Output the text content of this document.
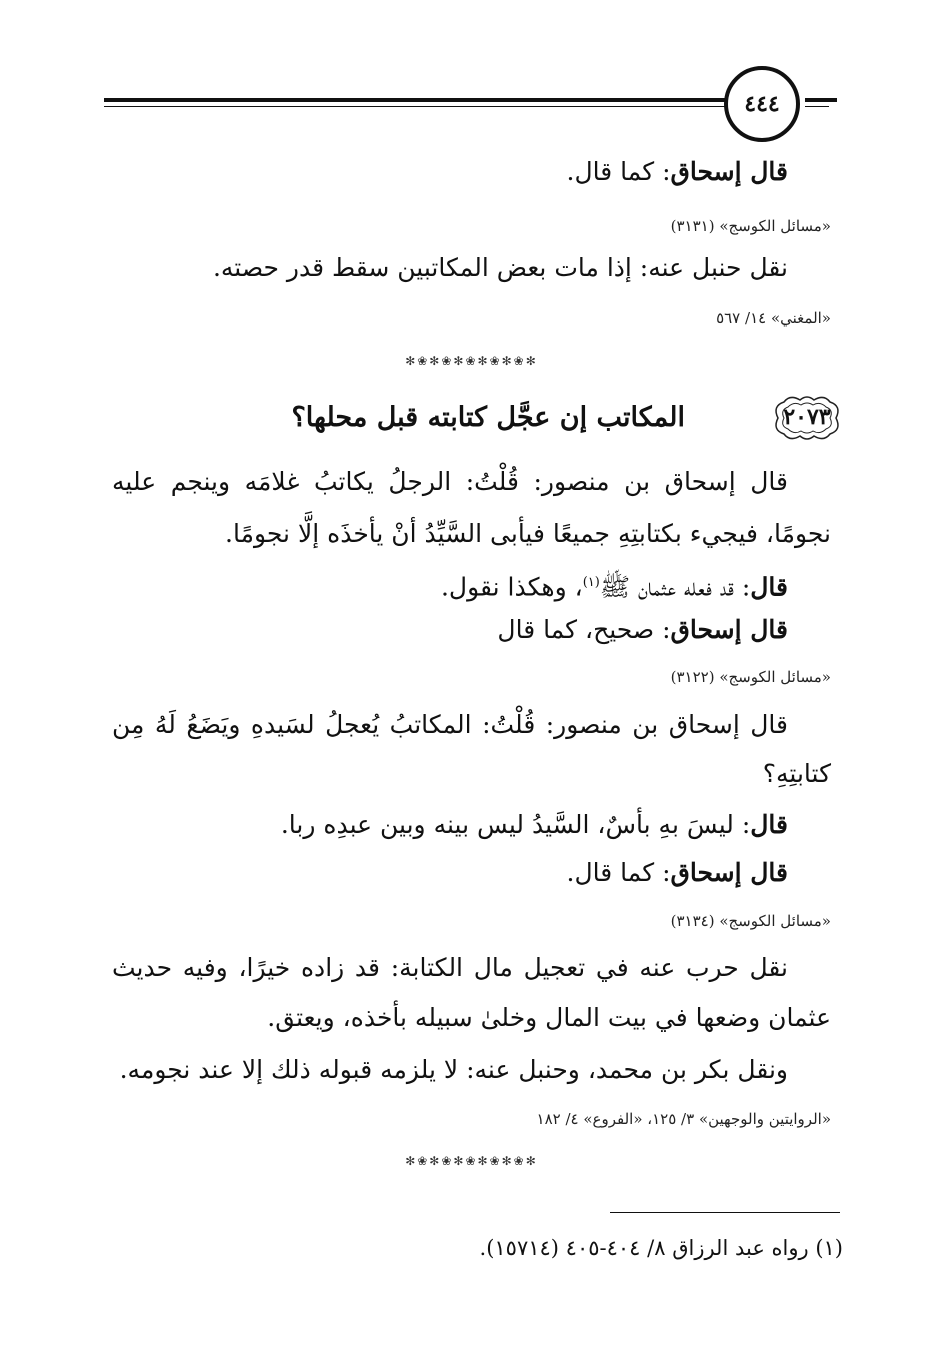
٤٤٤
قال إسحاق: كما قال.
«مسائل الكوسج» (٣١٣١)
نقل حنبل عنه: إذا مات بعض المكاتبين سقط قدر حصته.
«المغني» ١٤/ ٥٦٧
✻❀✻❀✻❀✻❀✻❀✻
٢٠٧٣
المكاتب إن عجَّل كتابته قبل محلها؟
قال إسحاق بن منصور: قُلْتُ: الرجلُ يكاتبُ غلامَه وينجم عليه
نجومًا، فيجيء بكتابتِهِ جميعًا فيأبى السَّيِّدُ أنْ يأخذَه إلَّا نجومًا.
قال: قد فعله عثمان ﷺ$^{(١)}$، وهكذا نقول.
قال إسحاق: صحيح، كما قال
«مسائل الكوسج» (٣١٢٢)
قال إسحاق بن منصور: قُلْتُ: المكاتبُ يُعجلُ لسَيدهِ ويَضَعُ لَهُ مِن
كتابتِهِ؟
قال: ليسَ بهِ بأسٌ، السَّيدُ ليس بينه وبين عبدِه ربا.
قال إسحاق: كما قال.
«مسائل الكوسج» (٣١٣٤)
نقل حرب عنه في تعجيل مال الكتابة: قد زاده خيرًا، وفيه حديث
عثمان وضعها في بيت المال وخلىٰ سبيله بأخذه، ويعتق.
ونقل بكر بن محمد، وحنبل عنه: لا يلزمه قبوله ذلك إلا عند نجومه.
«الروايتين والوجهين» ٣/ ١٢٥، «الفروع» ٤/ ١٨٢
✻❀✻❀✻❀✻❀✻❀✻
(١) رواه عبد الرزاق ٨/ ٤٠٤-٤٠٥ (١٥٧١٤).
